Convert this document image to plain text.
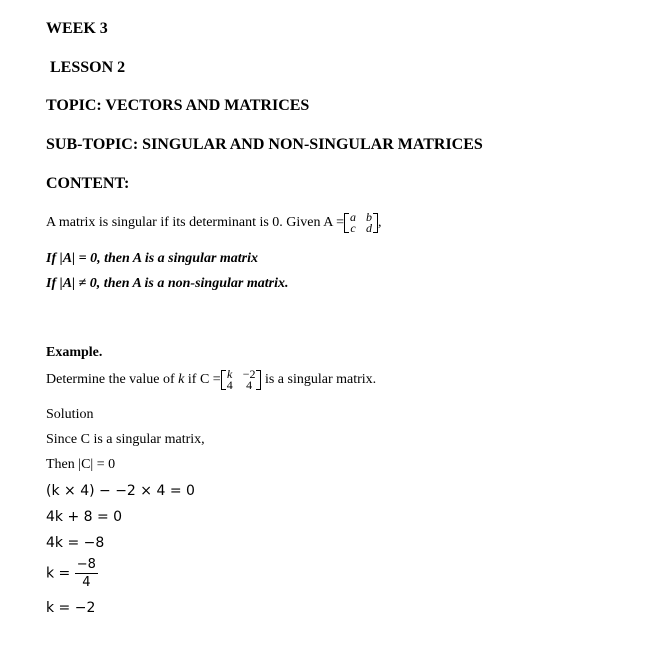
WEEK 3
LESSON 2
TOPIC: VECTORS AND MATRICES
SUB-TOPIC: SINGULAR AND NON-SINGULAR MATRICES
CONTENT:
A matrix is singular if its determinant is 0. Given A = a b
c d ,
If |A| = 0, then A is a singular matrix
If |A| ≠ 0, then A is a non-singular matrix.
Example.
Determine the value of k if C = k −2
4 4 is a singular matrix.
Solution
Since C is a singular matrix,
Then |C| = 0
(k × 4) − −2 × 4 = 0
4k + 8 = 0
4k = −8
$k = \frac{-8}{4}$
k = −2
